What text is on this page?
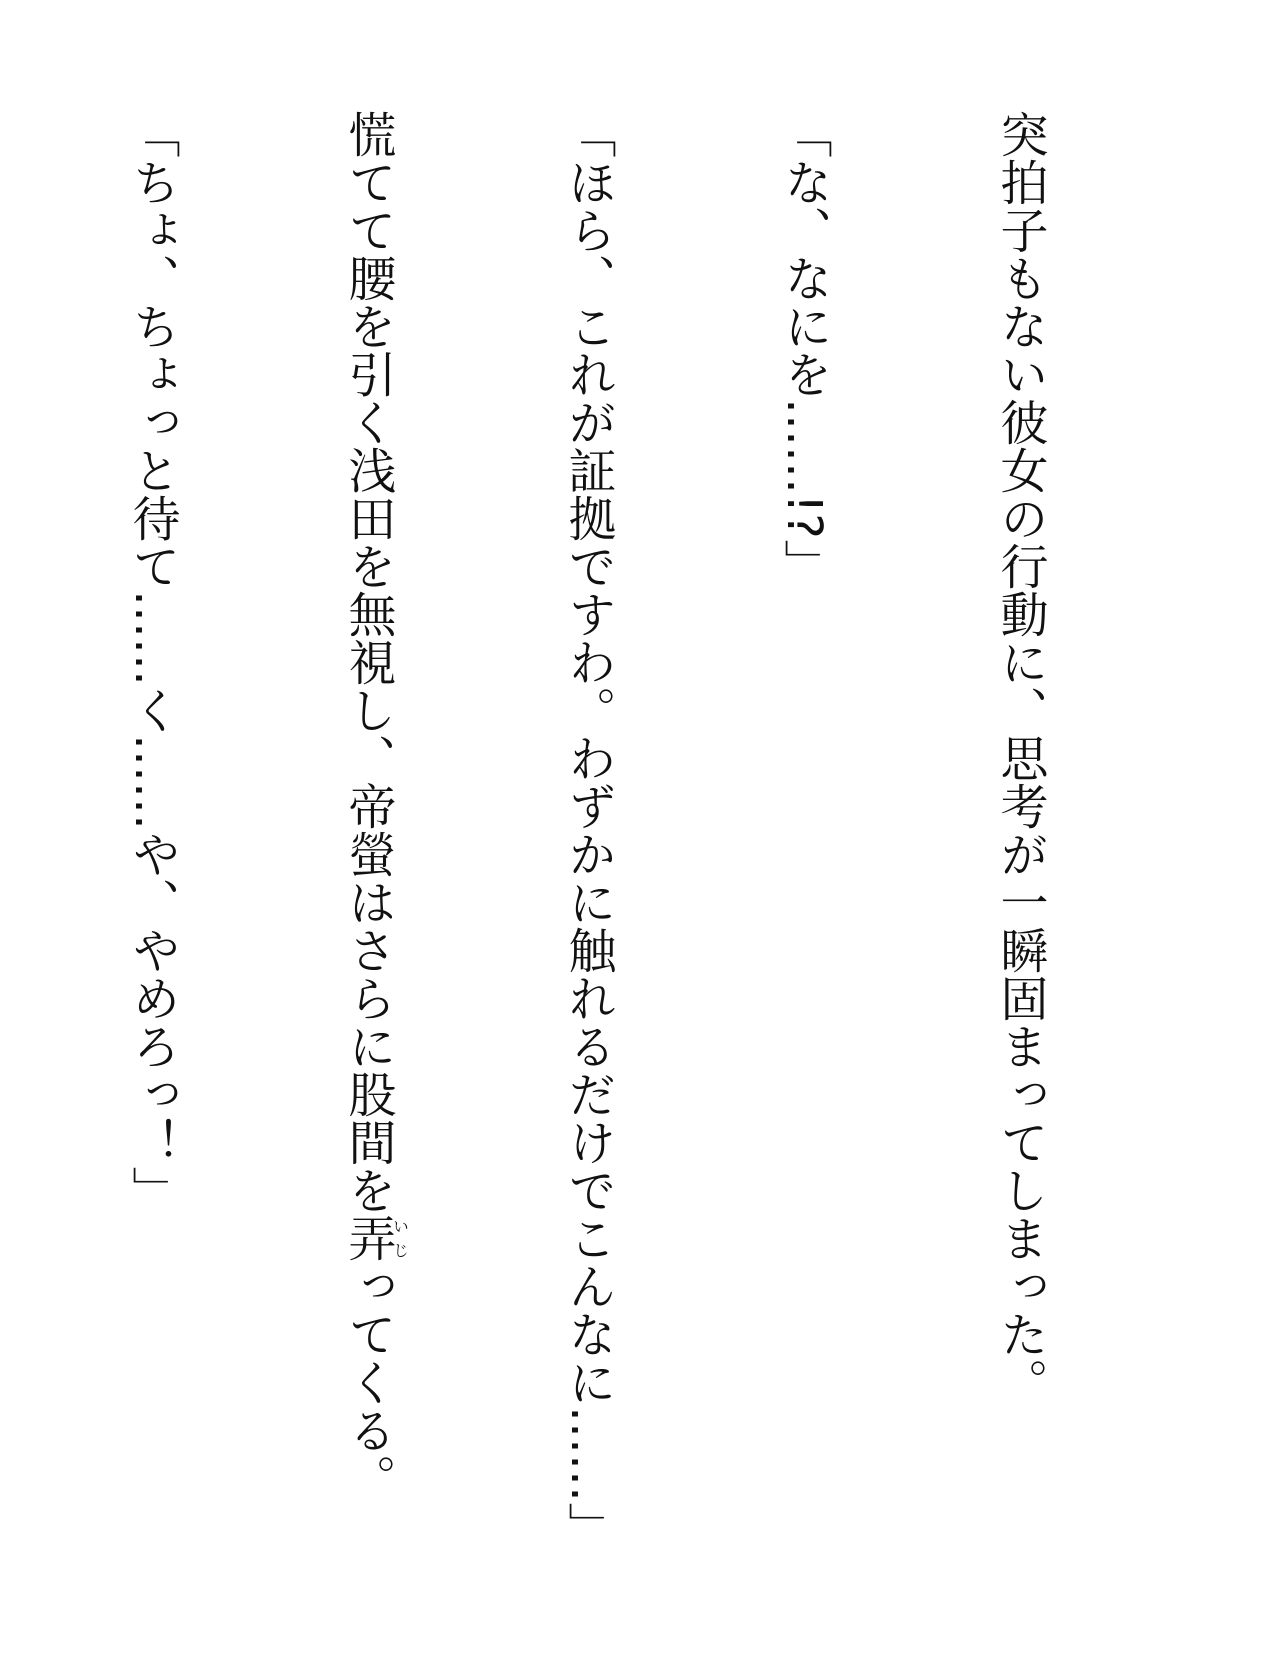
突拍子もない彼女の行動に、思考が一瞬固まってしまった。

「な、なにを……!?」

「ほら、これが証拠ですわ。わずかに触れるだけでこんなに……」

慌てて腰を引く浅田を無視し、帝螢はさらに股間を弄いじってくる。

「ちょ、ちょっと待て……く……や、やめろっ！」
